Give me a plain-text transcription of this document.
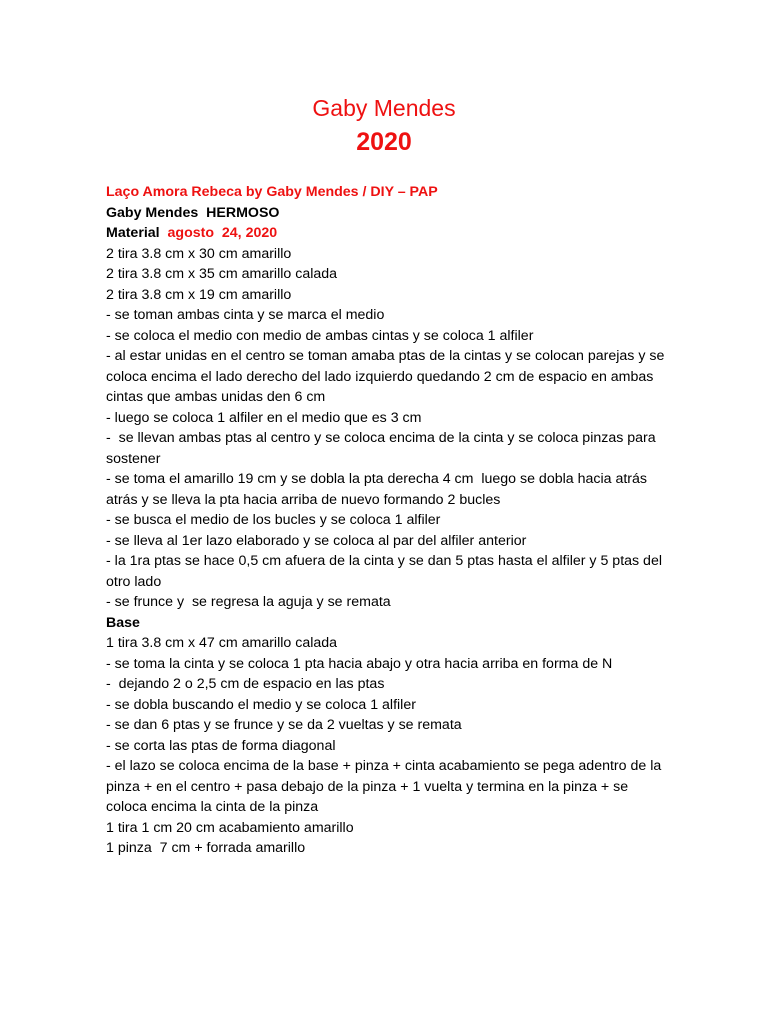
Gaby Mendes
2020

Laço Amora Rebeca by Gaby Mendes / DIY – PAP

Gaby Mendes  HERMOSO

Material agosto  24, 2020

2 tira 3.8 cm x 30 cm amarillo

2 tira 3.8 cm x 35 cm amarillo calada

2 tira 3.8 cm x 19 cm amarillo

- se toman ambas cinta y se marca el medio

- se coloca el medio con medio de ambas cintas y se coloca 1 alfiler

- al estar unidas en el centro se toman amaba ptas de la cintas y se colocan parejas y se coloca encima el lado derecho del lado izquierdo quedando 2 cm de espacio en ambas cintas que ambas unidas den 6 cm

- luego se coloca 1 alfiler en el medio que es 3 cm

-  se llevan ambas ptas al centro y se coloca encima de la cinta y se coloca pinzas para sostener

- se toma el amarillo 19 cm y se dobla la pta derecha 4 cm  luego se dobla hacia atrás atrás y se lleva la pta hacia arriba de nuevo formando 2 bucles

- se busca el medio de los bucles y se coloca 1 alfiler

- se lleva al 1er lazo elaborado y se coloca al par del alfiler anterior

- la 1ra ptas se hace 0,5 cm afuera de la cinta y se dan 5 ptas hasta el alfiler y 5 ptas del otro lado

- se frunce y  se regresa la aguja y se remata

Base

1 tira 3.8 cm x 47 cm amarillo calada

- se toma la cinta y se coloca 1 pta hacia abajo y otra hacia arriba en forma de N

-  dejando 2 o 2,5 cm de espacio en las ptas

- se dobla buscando el medio y se coloca 1 alfiler

- se dan 6 ptas y se frunce y se da 2 vueltas y se remata

- se corta las ptas de forma diagonal

- el lazo se coloca encima de la base + pinza + cinta acabamiento se pega adentro de la pinza + en el centro + pasa debajo de la pinza + 1 vuelta y termina en la pinza + se coloca encima la cinta de la pinza

1 tira 1 cm 20 cm acabamiento amarillo

1 pinza  7 cm + forrada amarillo
